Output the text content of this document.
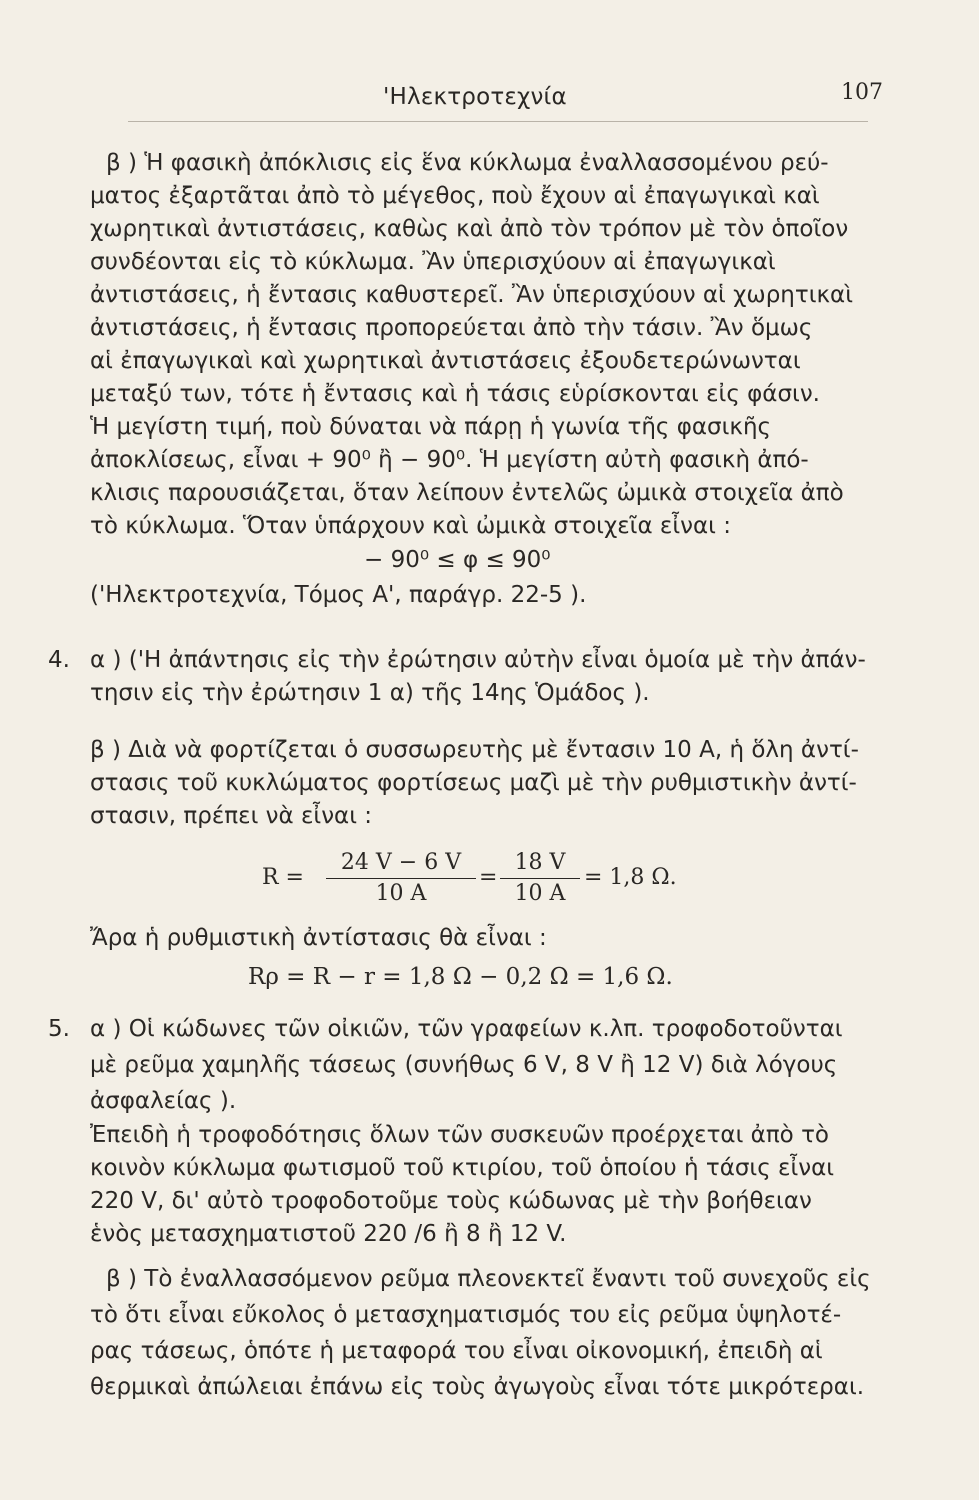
'Ηλεκτροτεχνία	107
β ) Ἡ φασικὴ ἀπόκλισις εἰς ἕνα κύκλωμα ἐναλλασσομένου ρεύ-
ματος ἐξαρτᾶται ἀπὸ τὸ μέγεθος, ποὺ ἔχουν αἱ ἐπαγωγικαὶ καὶ
χωρητικαὶ ἀντιστάσεις, καθὼς καὶ ἀπὸ τὸν τρόπον μὲ τὸν ὁποῖον
συνδέονται εἰς τὸ κύκλωμα. Ἂν ὑπερισχύουν αἱ ἐπαγωγικαὶ
ἀντιστάσεις, ἡ ἔντασις καθυστερεῖ. Ἂν ὑπερισχύουν αἱ χωρητικαὶ
ἀντιστάσεις, ἡ ἔντασις προπορεύεται ἀπὸ τὴν τάσιν. Ἂν ὅμως
αἱ ἐπαγωγικαὶ καὶ χωρητικαὶ ἀντιστάσεις ἐξουδετερώνωνται
μεταξύ των, τότε ἡ ἔντασις καὶ ἡ τάσις εὑρίσκονται εἰς φάσιν.
Ἡ μεγίστη τιμή, ποὺ δύναται νὰ πάρῃ ἡ γωνία τῆς φασικῆς
ἀποκλίσεως, εἶναι + 90⁰ ἢ − 90⁰. Ἡ μεγίστη αὐτὴ φασικὴ ἀπό-
κλισις παρουσιάζεται, ὅταν λείπουν ἐντελῶς ὠμικὰ στοιχεῖα ἀπὸ
τὸ κύκλωμα. Ὅταν ὑπάρχουν καὶ ὠμικὰ στοιχεῖα εἶναι :
− 90⁰ ≤ φ ≤ 90⁰
('Ηλεκτροτεχνία, Τόμος Α', παράγρ. 22-5 ).
4. α ) ('Η ἀπάντησις εἰς τὴν ἐρώτησιν αὐτὴν εἶναι ὁμοία μὲ τὴν ἀπάν-
τησιν εἰς τὴν ἐρώτησιν 1 α) τῆς 14ης Ὁμάδος ).
β ) Διὰ νὰ φορτίζεται ὁ συσσωρευτὴς μὲ ἔντασιν 10 Α, ἡ ὅλη ἀντί-
στασις τοῦ κυκλώματος φορτίσεως μαζὶ μὲ τὴν ρυθμιστικὴν ἀντί-
στασιν, πρέπει νὰ εἶναι :
$R = \frac{24 V - 6 V}{10 A} = \frac{18 V}{10 A} = 1,8$ Ω.
Ἄρα ἡ ρυθμιστικὴ ἀντίστασις θὰ εἶναι :
Rρ = R − r = 1,8 Ω − 0,2 Ω = 1,6 Ω.
5. α ) Οἱ κώδωνες τῶν οἰκιῶν, τῶν γραφείων κ.λπ. τροφοδοτοῦνται
μὲ ρεῦμα χαμηλῆς τάσεως (συνήθως 6 V, 8 V ἢ 12 V) διὰ λόγους
ἀσφαλείας ).
Ἐπειδὴ ἡ τροφοδότησις ὅλων τῶν συσκευῶν προέρχεται ἀπὸ τὸ
κοινὸν κύκλωμα φωτισμοῦ τοῦ κτιρίου, τοῦ ὁποίου ἡ τάσις εἶναι
220 V, δι' αὐτὸ τροφοδοτοῦμε τοὺς κώδωνας μὲ τὴν βοήθειαν
ἑνὸς μετασχηματιστοῦ 220 /6 ἢ 8 ἢ 12 V.
β ) Τὸ ἐναλλασσόμενον ρεῦμα πλεονεκτεῖ ἔναντι τοῦ συνεχοῦς εἰς
τὸ ὅτι εἶναι εὔκολος ὁ μετασχηματισμός του εἰς ρεῦμα ὑψηλοτέ-
ρας τάσεως, ὁπότε ἡ μεταφορά του εἶναι οἰκονομική, ἐπειδὴ αἱ
θερμικαὶ ἀπώλειαι ἐπάνω εἰς τοὺς ἀγωγοὺς εἶναι τότε μικρότεραι.
